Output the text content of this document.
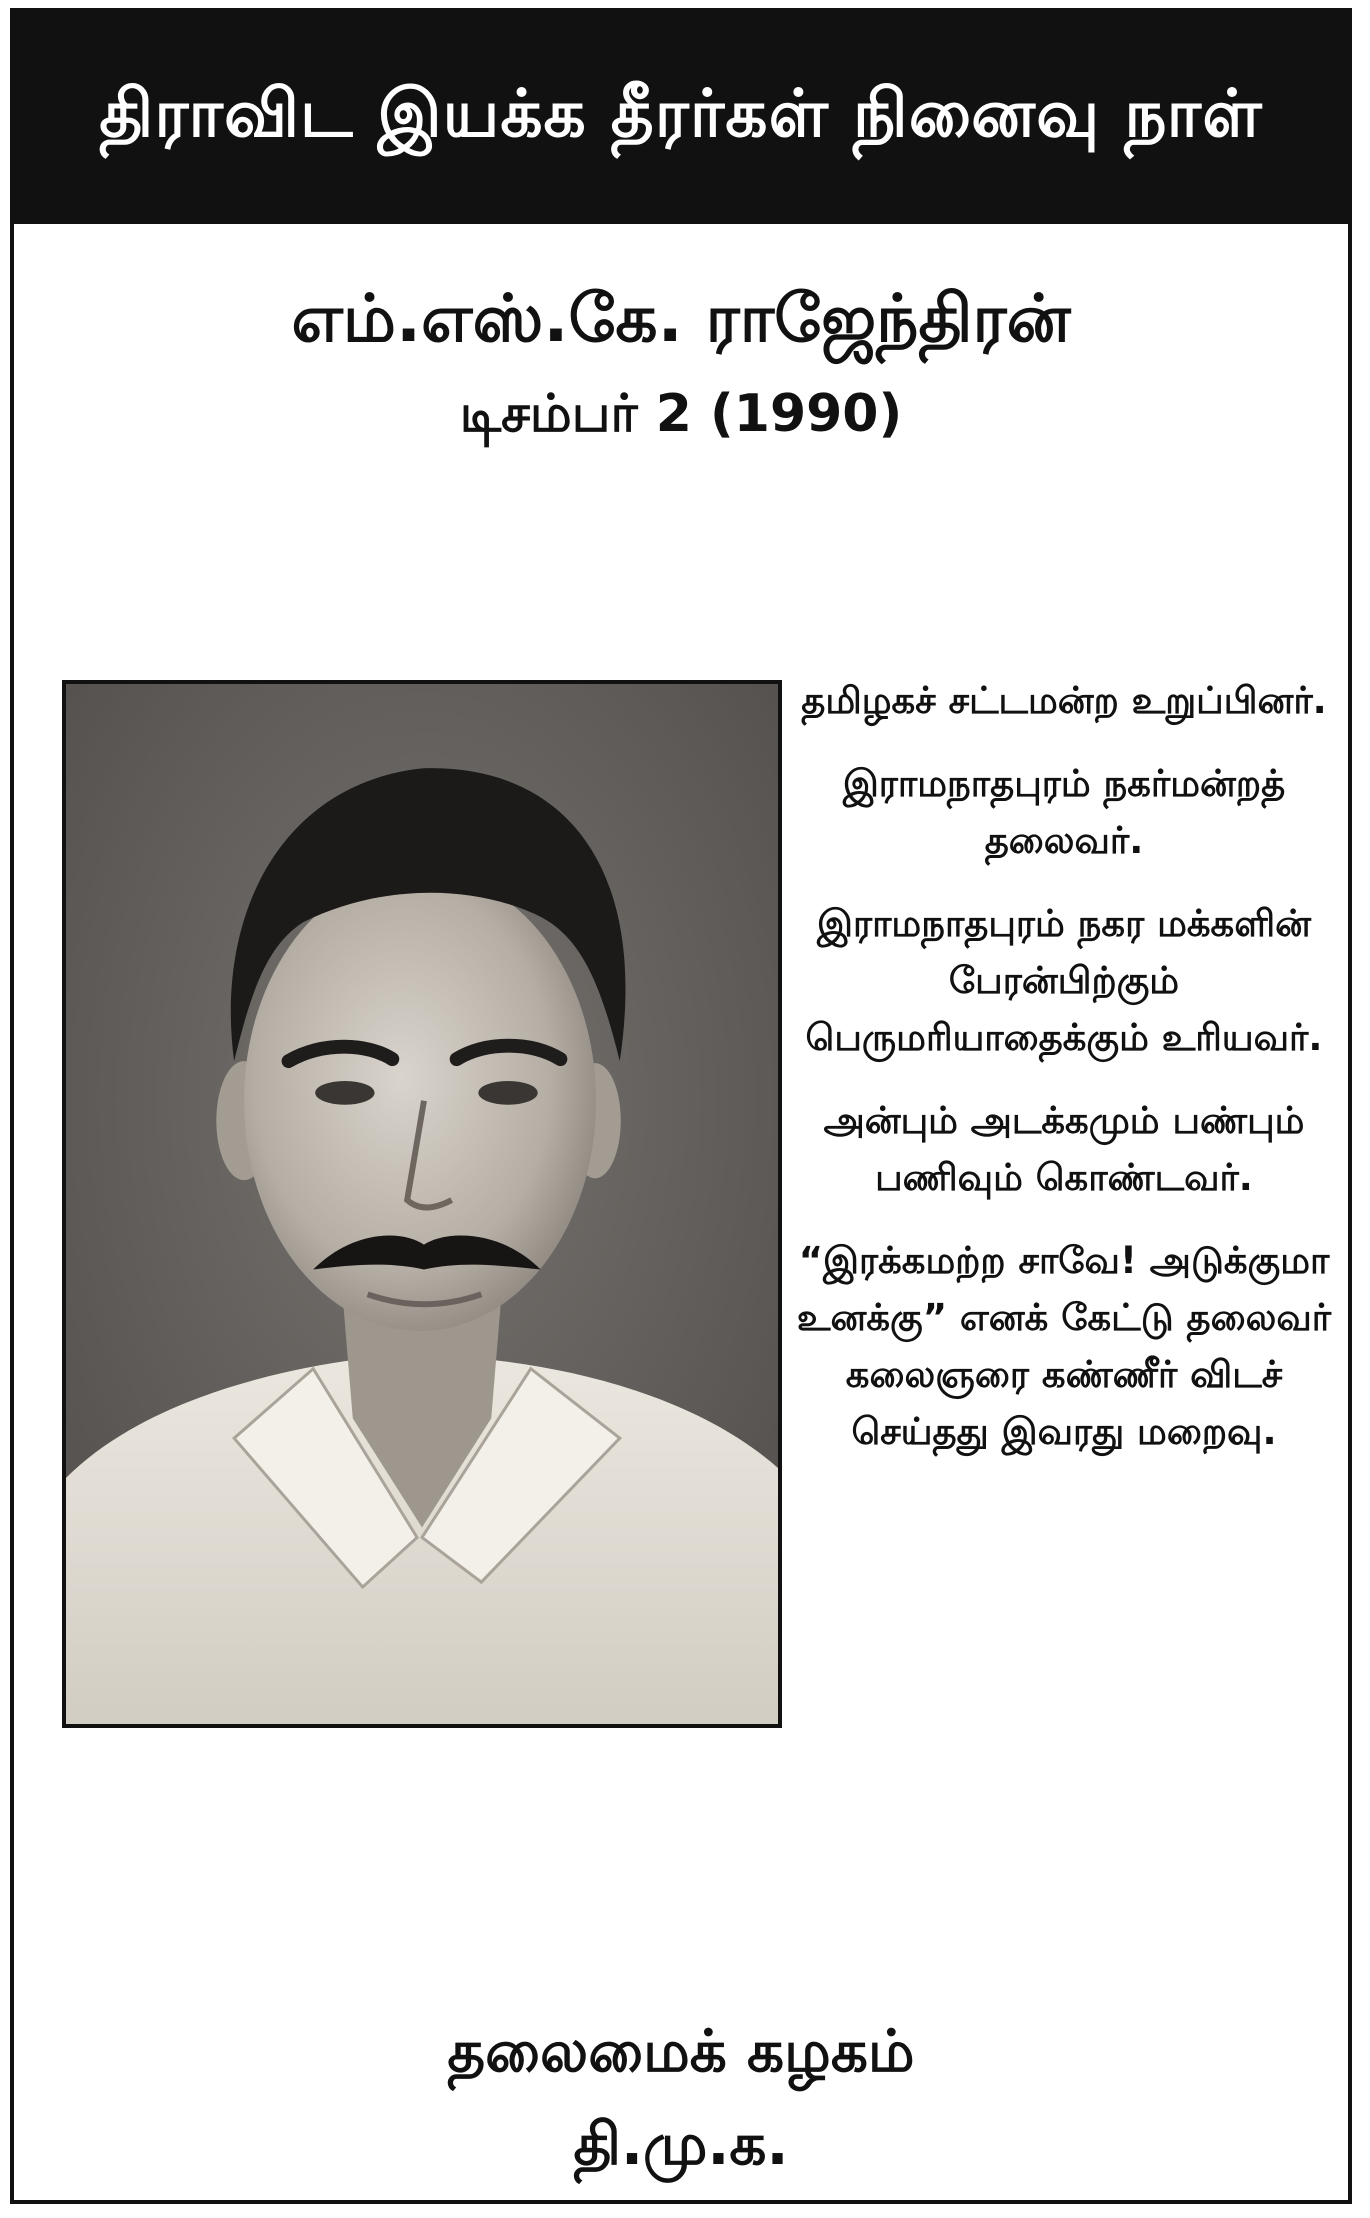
திராவிட இயக்க தீரர்கள் நினைவு நாள்
எம்.எஸ்.கே. ராஜேந்திரன்
டிசம்பர் 2 (1990)
தமிழகச் சட்டமன்ற உறுப்பினர்.
இராமநாதபுரம் நகர்மன்றத் தலைவர்.
இராமநாதபுரம் நகர மக்களின் பேரன்பிற்கும் பெருமரியாதைக்கும் உரியவர்.
அன்பும் அடக்கமும் பண்பும் பணிவும் கொண்டவர்.
“இரக்கமற்ற சாவே! அடுக்குமா உனக்கு” எனக் கேட்டு தலைவர் கலைஞரை கண்ணீர் விடச் செய்தது இவரது மறைவு.
தலைமைக் கழகம்
தி.மு.க.
